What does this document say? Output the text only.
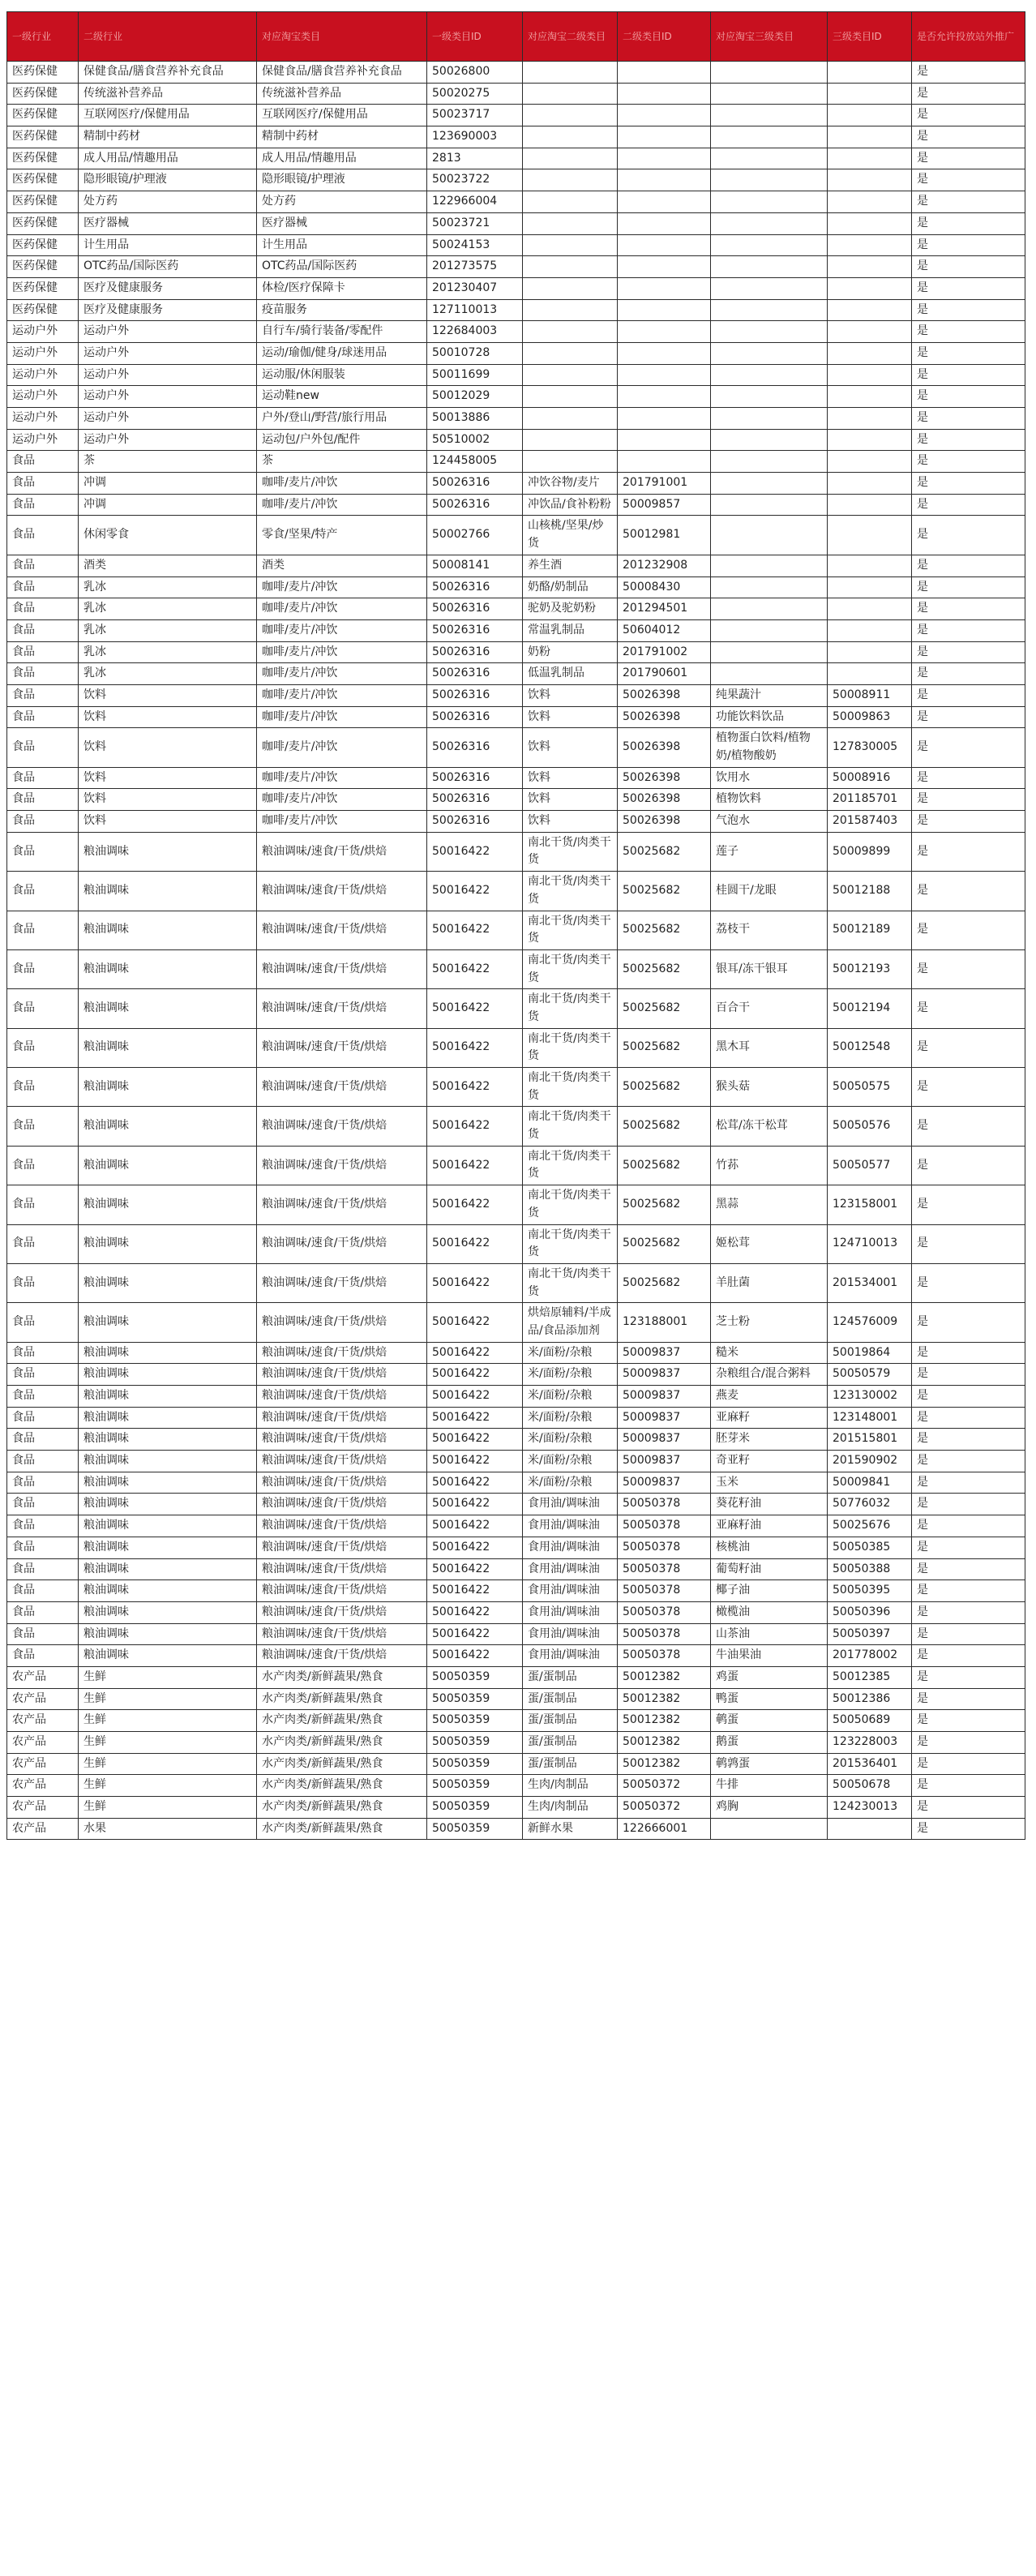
一级行业	二级行业	对应淘宝类目	一级类目ID	对应淘宝二级类目	二级类目ID	对应淘宝三级类目	三级类目ID	是否允许投放站外推广
医药保健	保健食品/膳食营养补充食品	保健食品/膳食营养补充食品	50026800					是
医药保健	传统滋补营养品	传统滋补营养品	50020275					是
医药保健	互联网医疗/保健用品	互联网医疗/保健用品	50023717					是
医药保健	精制中药材	精制中药材	123690003					是
医药保健	成人用品/情趣用品	成人用品/情趣用品	2813					是
医药保健	隐形眼镜/护理液	隐形眼镜/护理液	50023722					是
医药保健	处方药	处方药	122966004					是
医药保健	医疗器械	医疗器械	50023721					是
医药保健	计生用品	计生用品	50024153					是
医药保健	OTC药品/国际医药	OTC药品/国际医药	201273575					是
医药保健	医疗及健康服务	体检/医疗保障卡	201230407					是
医药保健	医疗及健康服务	疫苗服务	127110013					是
运动户外	运动户外	自行车/骑行装备/零配件	122684003					是
运动户外	运动户外	运动/瑜伽/健身/球迷用品	50010728					是
运动户外	运动户外	运动服/休闲服装	50011699					是
运动户外	运动户外	运动鞋new	50012029					是
运动户外	运动户外	户外/登山/野营/旅行用品	50013886					是
运动户外	运动户外	运动包/户外包/配件	50510002					是
食品	茶	茶	124458005					是
食品	冲调	咖啡/麦片/冲饮	50026316	冲饮谷物/麦片	201791001			是
食品	冲调	咖啡/麦片/冲饮	50026316	冲饮品/食补粉粉	50009857			是
食品	休闲零食	零食/坚果/特产	50002766	山核桃/坚果/炒货	50012981			是
食品	酒类	酒类	50008141	养生酒	201232908			是
食品	乳冰	咖啡/麦片/冲饮	50026316	奶酪/奶制品	50008430			是
食品	乳冰	咖啡/麦片/冲饮	50026316	驼奶及驼奶粉	201294501			是
食品	乳冰	咖啡/麦片/冲饮	50026316	常温乳制品	50604012			是
食品	乳冰	咖啡/麦片/冲饮	50026316	奶粉	201791002			是
食品	乳冰	咖啡/麦片/冲饮	50026316	低温乳制品	201790601			是
食品	饮料	咖啡/麦片/冲饮	50026316	饮料	50026398	纯果蔬汁	50008911	是
食品	饮料	咖啡/麦片/冲饮	50026316	饮料	50026398	功能饮料饮品	50009863	是
食品	饮料	咖啡/麦片/冲饮	50026316	饮料	50026398	植物蛋白饮料/植物奶/植物酸奶	127830005	是
食品	饮料	咖啡/麦片/冲饮	50026316	饮料	50026398	饮用水	50008916	是
食品	饮料	咖啡/麦片/冲饮	50026316	饮料	50026398	植物饮料	201185701	是
食品	饮料	咖啡/麦片/冲饮	50026316	饮料	50026398	气泡水	201587403	是
食品	粮油调味	粮油调味/速食/干货/烘焙	50016422	南北干货/肉类干货	50025682	莲子	50009899	是
食品	粮油调味	粮油调味/速食/干货/烘焙	50016422	南北干货/肉类干货	50025682	桂圆干/龙眼	50012188	是
食品	粮油调味	粮油调味/速食/干货/烘焙	50016422	南北干货/肉类干货	50025682	荔枝干	50012189	是
食品	粮油调味	粮油调味/速食/干货/烘焙	50016422	南北干货/肉类干货	50025682	银耳/冻干银耳	50012193	是
食品	粮油调味	粮油调味/速食/干货/烘焙	50016422	南北干货/肉类干货	50025682	百合干	50012194	是
食品	粮油调味	粮油调味/速食/干货/烘焙	50016422	南北干货/肉类干货	50025682	黑木耳	50012548	是
食品	粮油调味	粮油调味/速食/干货/烘焙	50016422	南北干货/肉类干货	50025682	猴头菇	50050575	是
食品	粮油调味	粮油调味/速食/干货/烘焙	50016422	南北干货/肉类干货	50025682	松茸/冻干松茸	50050576	是
食品	粮油调味	粮油调味/速食/干货/烘焙	50016422	南北干货/肉类干货	50025682	竹荪	50050577	是
食品	粮油调味	粮油调味/速食/干货/烘焙	50016422	南北干货/肉类干货	50025682	黑蒜	123158001	是
食品	粮油调味	粮油调味/速食/干货/烘焙	50016422	南北干货/肉类干货	50025682	姬松茸	124710013	是
食品	粮油调味	粮油调味/速食/干货/烘焙	50016422	南北干货/肉类干货	50025682	羊肚菌	201534001	是
食品	粮油调味	粮油调味/速食/干货/烘焙	50016422	烘焙原辅料/半成品/食品添加剂	123188001	芝士粉	124576009	是
食品	粮油调味	粮油调味/速食/干货/烘焙	50016422	米/面粉/杂粮	50009837	糙米	50019864	是
食品	粮油调味	粮油调味/速食/干货/烘焙	50016422	米/面粉/杂粮	50009837	杂粮组合/混合粥料	50050579	是
食品	粮油调味	粮油调味/速食/干货/烘焙	50016422	米/面粉/杂粮	50009837	燕麦	123130002	是
食品	粮油调味	粮油调味/速食/干货/烘焙	50016422	米/面粉/杂粮	50009837	亚麻籽	123148001	是
食品	粮油调味	粮油调味/速食/干货/烘焙	50016422	米/面粉/杂粮	50009837	胚芽米	201515801	是
食品	粮油调味	粮油调味/速食/干货/烘焙	50016422	米/面粉/杂粮	50009837	奇亚籽	201590902	是
食品	粮油调味	粮油调味/速食/干货/烘焙	50016422	米/面粉/杂粮	50009837	玉米	50009841	是
食品	粮油调味	粮油调味/速食/干货/烘焙	50016422	食用油/调味油	50050378	葵花籽油	50776032	是
食品	粮油调味	粮油调味/速食/干货/烘焙	50016422	食用油/调味油	50050378	亚麻籽油	50025676	是
食品	粮油调味	粮油调味/速食/干货/烘焙	50016422	食用油/调味油	50050378	核桃油	50050385	是
食品	粮油调味	粮油调味/速食/干货/烘焙	50016422	食用油/调味油	50050378	葡萄籽油	50050388	是
食品	粮油调味	粮油调味/速食/干货/烘焙	50016422	食用油/调味油	50050378	椰子油	50050395	是
食品	粮油调味	粮油调味/速食/干货/烘焙	50016422	食用油/调味油	50050378	橄榄油	50050396	是
食品	粮油调味	粮油调味/速食/干货/烘焙	50016422	食用油/调味油	50050378	山茶油	50050397	是
食品	粮油调味	粮油调味/速食/干货/烘焙	50016422	食用油/调味油	50050378	牛油果油	201778002	是
农产品	生鲜	水产肉类/新鲜蔬果/熟食	50050359	蛋/蛋制品	50012382	鸡蛋	50012385	是
农产品	生鲜	水产肉类/新鲜蔬果/熟食	50050359	蛋/蛋制品	50012382	鸭蛋	50012386	是
农产品	生鲜	水产肉类/新鲜蔬果/熟食	50050359	蛋/蛋制品	50012382	鹌蛋	50050689	是
农产品	生鲜	水产肉类/新鲜蔬果/熟食	50050359	蛋/蛋制品	50012382	鹅蛋	123228003	是
农产品	生鲜	水产肉类/新鲜蔬果/熟食	50050359	蛋/蛋制品	50012382	鹌鹑蛋	201536401	是
农产品	生鲜	水产肉类/新鲜蔬果/熟食	50050359	生肉/肉制品	50050372	牛排	50050678	是
农产品	生鲜	水产肉类/新鲜蔬果/熟食	50050359	生肉/肉制品	50050372	鸡胸	124230013	是
农产品	水果	水产肉类/新鲜蔬果/熟食	50050359	新鲜水果	122666001			是
